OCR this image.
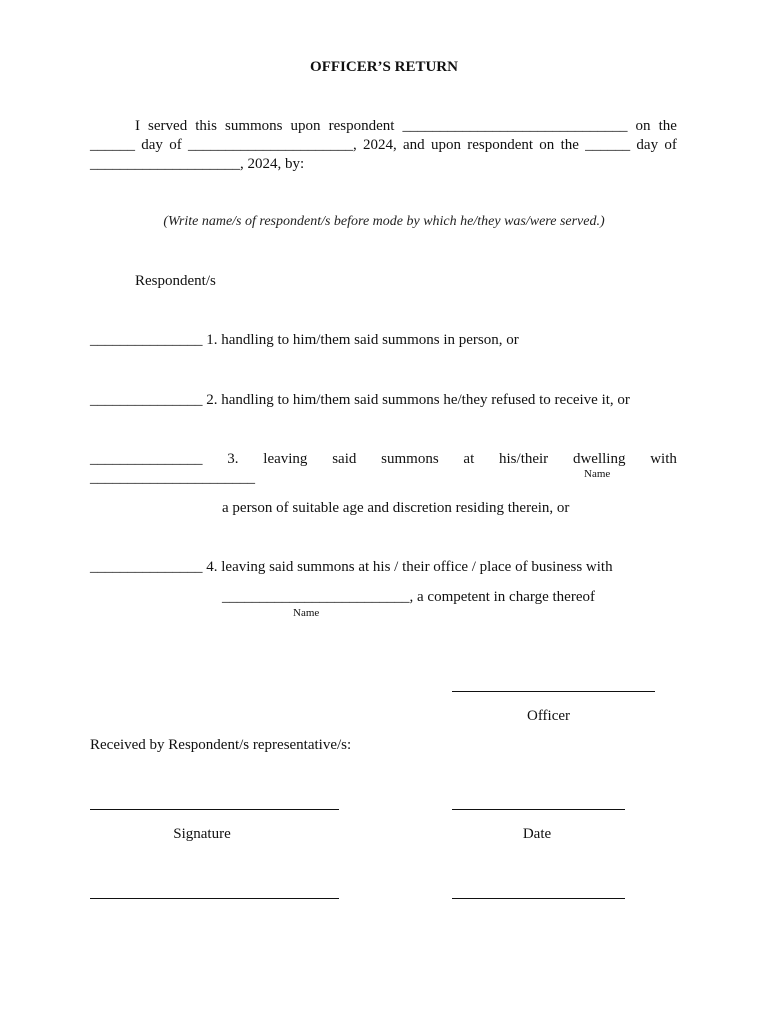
OFFICER’S RETURN
I served this summons upon respondent ______________________________ on the
______ day of ______________________, 2024, and upon respondent on the ______ day of
____________________, 2024, by:
(Write name/s of respondent/s before mode by which he/they was/were served.)
Respondent/s
_______________ 1. handling to him/them said summons in person, or
_______________ 2. handling to him/them said summons he/they refused to receive it, or
_______________ 3. leaving said summons at his/their dwelling with
______________________	Name
a person of suitable age and discretion residing therein, or
_______________ 4. leaving said summons at his / their office / place of business with
_________________________, a competent in charge thereof
Name
Officer
Received by Respondent/s representative/s:
Signature	Date
